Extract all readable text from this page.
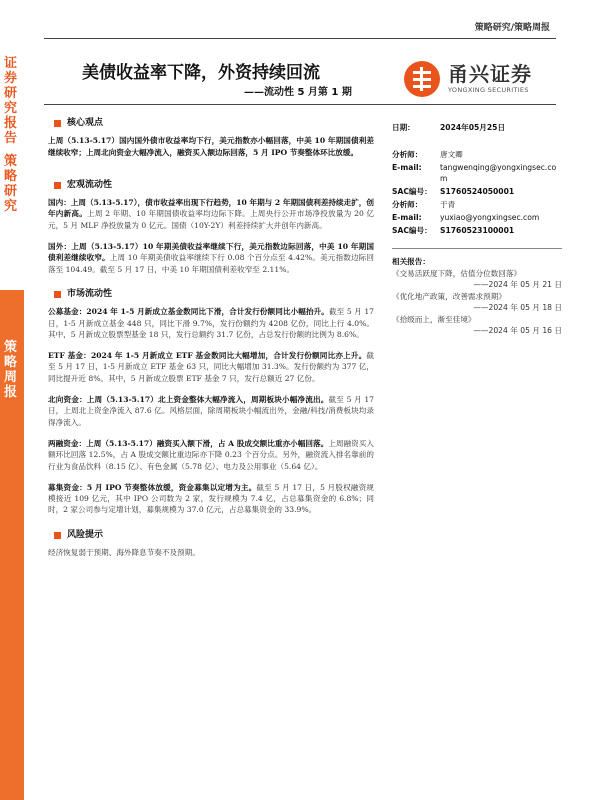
证券研究报告
策略研究
策略周报
策略研究/策略周报
美债收益率下降，外资持续回流
——流动性 5 月第 1 期
甬兴证券
YONGXING SECURITIES
核心观点
上周（5.13-5.17）国内国外债市收益率均下行，美元指数亦小幅回落，中美 10 年期国债利差继续收窄；上周北向资金大幅净流入，融资买入额边际回落，5 月 IPO 节奏整体环比放缓。
宏观流动性
国内：上周（5.13-5.17），债市收益率出现下行趋势，10 年期与 2 年期国债利差持续走扩，创年内新高。上周 2 年期、10 年期国债收益率均边际下降。上周央行公开市场净投放量为 20 亿元，5 月 MLF 净投放量为 0 亿元。国债（10Y-2Y）利差持续扩大并创年内新高。
国外：上周（5.13-5.17）10 年期美债收益率继续下行，美元指数边际回落，中美 10 年期国债利差继续收窄。上周 10 年期美债收益率继续下行 0.08 个百分点至 4.42%。美元指数边际回落至 104.49。截至 5 月 17 日，中美 10 年期国债利差收窄至 2.11%。
市场流动性
公募基金：2024 年 1-5 月新成立基金数同比下滑，合计发行份额同比小幅抬升。截至 5 月 17 日，1-5 月新成立基金 448 只，同比下滑 9.7%，发行份额约为 4208 亿份，同比上行 4.0%。其中，5 月新成立股票型基金 18 只，发行总额约 31.7 亿份，占总发行份额的比例为 8.6%。
ETF 基金：2024 年 1-5 月新成立 ETF 基金数同比大幅增加，合计发行份额同比亦上升。截至 5 月 17 日，1-5 月新成立 ETF 基金 63 只，同比大幅增加 31.3%。发行份额约为 377 亿，同比提升近 8%。其中，5 月新成立股票 ETF 基金 7 只，发行总额近 27 亿份。
北向资金：上周（5.13-5.17）北上资金整体大幅净流入，周期板块小幅净流出。截至 5 月 17 日，上周北上资金净流入 87.6 亿。风格层面，除周期板块小幅流出外，金融/科技/消费板块均录得净流入。
两融资金：上周（5.13-5.17）融资买入额下滑，占 A 股成交额比重亦小幅回落。上周融资买入额环比回落 12.5%，占 A 股成交额比重边际亦下降 0.23 个百分点。另外，融资流入排名靠前的行业为食品饮料（8.15 亿）、有色金属（5.78 亿）、电力及公用事业（5.64 亿）。
募集资金：5 月 IPO 节奏整体放缓，资金募集以定增为主。截至 5 月 17 日，5 月股权融资规模接近 109 亿元，其中 IPO 公司数为 2 家，发行规模为 7.4 亿，占总募集资金的 6.8%；同时，2 家公司参与定增计划，募集规模为 37.0 亿元，占总募集资金的 33.9%。
风险提示
经济恢复弱于预期、海外降息节奏不及预期。
日期：	2024年05月25日
分析师：	唐文卿
E-mail:	tangwenqing@yongxingsec.com
SAC编号：	S1760524050001
分析师：	于青
E-mail:	yuxiao@yongxingsec.com
SAC编号：	S1760523100001
相关报告：
《交易活跃度下降，估值分位数回落》
——2024 年 05 月 21 日
《优化地产政策，改善需求预期》
——2024 年 05 月 18 日
《拾级而上，渐至佳境》
——2024 年 05 月 16 日
